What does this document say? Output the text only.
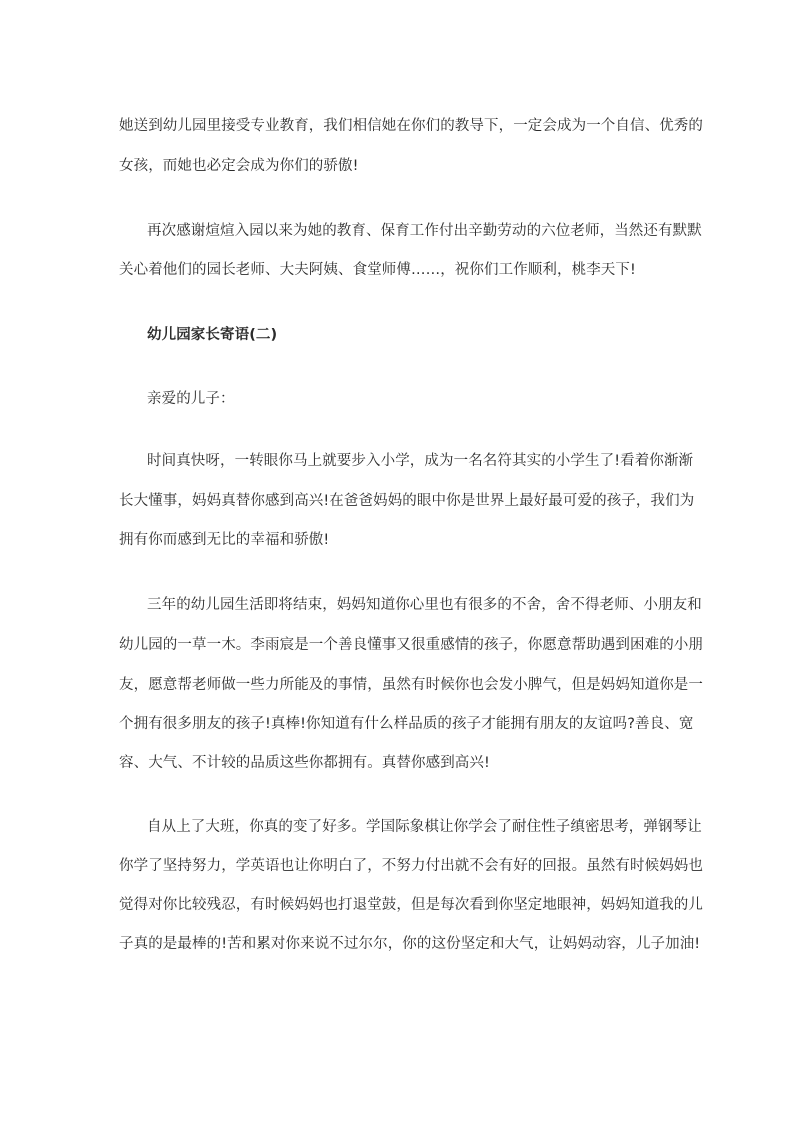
她送到幼儿园里接受专业教育，我们相信她在你们的教导下，一定会成为一个自信、优秀的
女孩，而她也必定会成为你们的骄傲!
再次感谢煊煊入园以来为她的教育、保育工作付出辛勤劳动的六位老师，当然还有默默
关心着他们的园长老师、大夫阿姨、食堂师傅……，祝你们工作顺利，桃李天下!
幼儿园家长寄语(二)
亲爱的儿子：
时间真快呀，一转眼你马上就要步入小学，成为一名名符其实的小学生了!看着你渐渐
长大懂事，妈妈真替你感到高兴!在爸爸妈妈的眼中你是世界上最好最可爱的孩子，我们为
拥有你而感到无比的幸福和骄傲!
三年的幼儿园生活即将结束，妈妈知道你心里也有很多的不舍，舍不得老师、小朋友和
幼儿园的一草一木。李雨宸是一个善良懂事又很重感情的孩子，你愿意帮助遇到困难的小朋
友，愿意帮老师做一些力所能及的事情，虽然有时候你也会发小脾气，但是妈妈知道你是一
个拥有很多朋友的孩子!真棒!你知道有什么样品质的孩子才能拥有朋友的友谊吗?善良、宽
容、大气、不计较的品质这些你都拥有。真替你感到高兴!
自从上了大班，你真的变了好多。学国际象棋让你学会了耐住性子缜密思考，弹钢琴让
你学了坚持努力，学英语也让你明白了，不努力付出就不会有好的回报。虽然有时候妈妈也
觉得对你比较残忍，有时候妈妈也打退堂鼓，但是每次看到你坚定地眼神，妈妈知道我的儿
子真的是最棒的!苦和累对你来说不过尔尔，你的这份坚定和大气，让妈妈动容，儿子加油!
